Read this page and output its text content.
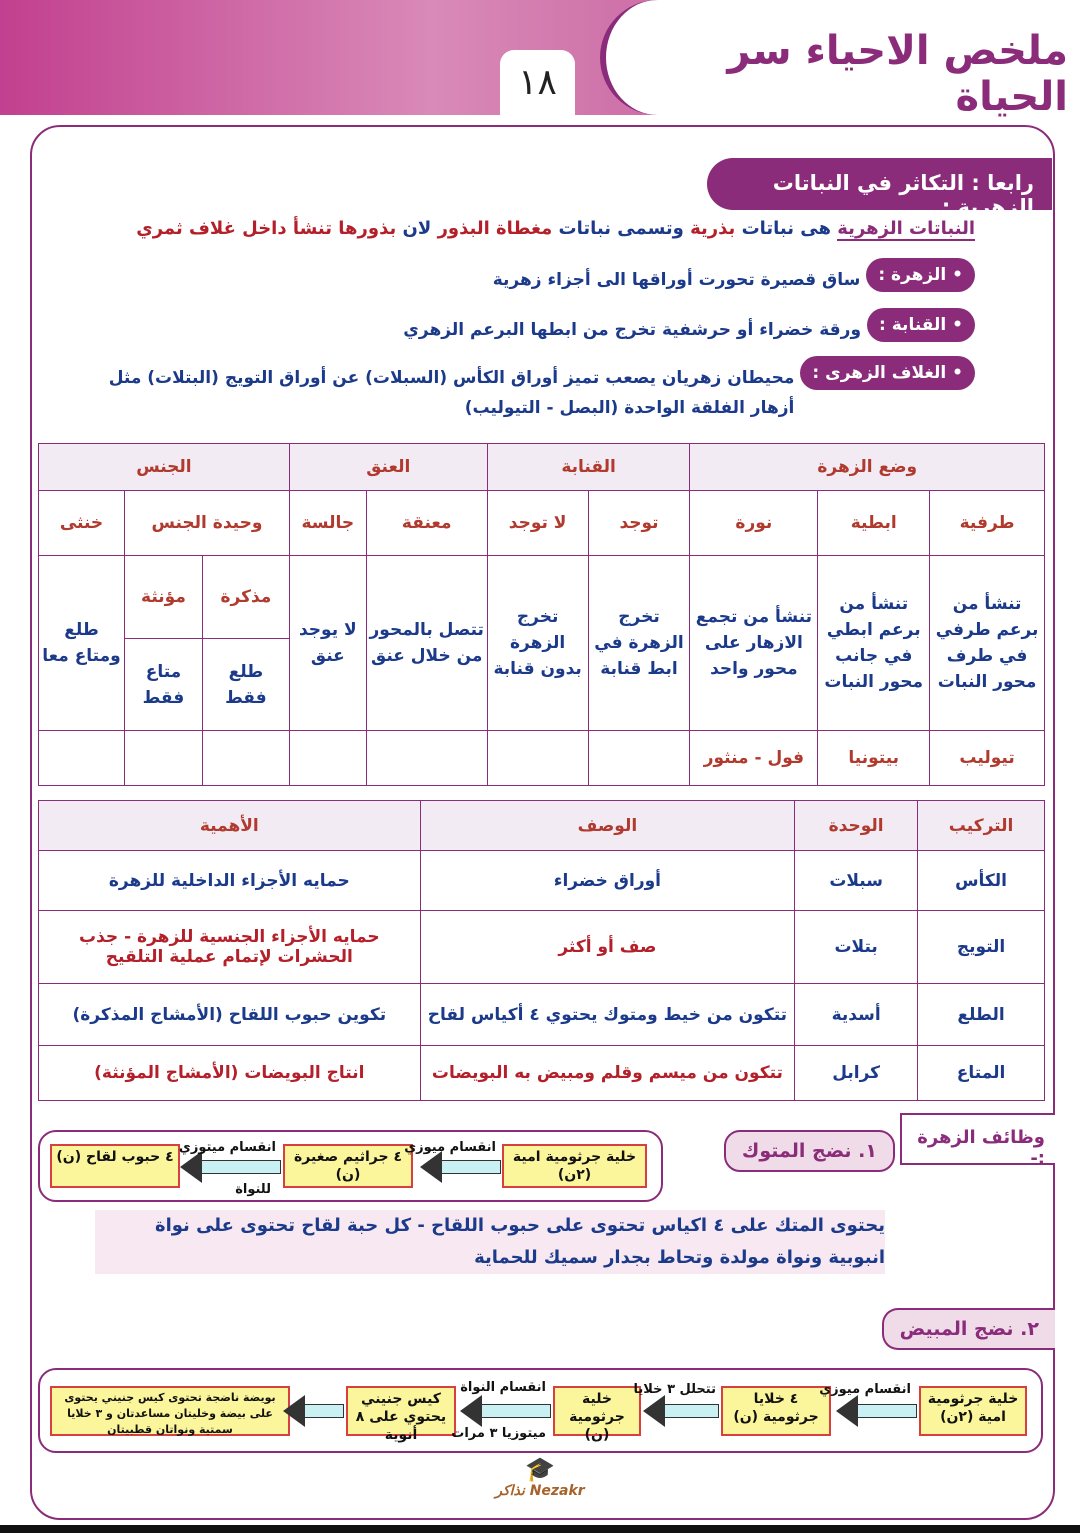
ملخص الاحياء سر الحياة
١٨
رابعا : التكاثر في النباتات الزهرية :
النباتات الزهرية هى نباتات بذرية وتسمى نباتات مغطاة البذور لان بذورها تنشأ داخل غلاف ثمري
• الزهرة :
ساق قصيرة تحورت أوراقها الى أجزاء زهرية
• القنابة :
ورقة خضراء أو حرشفية تخرج من ابطها البرعم الزهري
• الغلاف الزهرى :
محيطان زهريان يصعب تميز أوراق الكأس (السبلات) عن أوراق التويج (البتلات) مثل أزهار الفلقة الواحدة (البصل - التيوليب)
وضع الزهرة			القنابة		العنق		الجنس		
طرفية	ابطية	نورة	توجد	لا توجد	معنقة	جالسة	وحيدة الجنس		خنثى
تنشأ من برعم طرفي في طرف محور النبات	تنشأ من برعم ابطي في جانب محور النبات	تنشأ من تجمع الازهار على محور واحد	تخرج الزهرة في ابط قنابة	تخرج الزهرة بدون قنابة	تتصل بالمحور من خلال عنق	لا يوجد عنق	مذكرة	مؤنثة	طلع ومتاع معا
							طلع فقط	متاع فقط	
تيوليب	بيتونيا	فول - منثور							
التركيب	الوحدة	الوصف	الأهمية
الكأس	سبلات	أوراق خضراء	حمايه الأجزاء الداخلية للزهرة
التويج	بتلات	صف أو أكثر	حمايه الأجزاء الجنسية للزهرة - جذب الحشرات لإتمام عملية التلقيح
الطلع	أسدية	تتكون من خيط ومتوك يحتوي ٤ أكياس لقاح	تكوين حبوب اللقاح (الأمشاج المذكرة)
المتاع	كرابل	تتكون من ميسم وقلم ومبيض به البويضات	انتاج البويضات (الأمشاج المؤنثة)
وظائف الزهرة :-
١. نضج المتوك
خلية جرثومية امية (٢ن)
٤ جراثيم صغيرة (ن)
٤ حبوب لقاح (ن)
انقسام ميوزي
انقسام ميتوزي
للنواة
يحتوى المتك على ٤ اكياس تحتوى على حبوب اللقاح - كل حبة لقاح تحتوى على نواة انبوبية ونواة مولدة وتحاط بجدار سميك للحماية
٢. نضج المبيض
خلية جرثومية امية (٢ن)
٤ خلايا جرثومية (ن)
خلية جرثومية (ن)
كيس جنيني يحتوي على ٨ أنوية
بويضة ناضجة تحتوى كيس جنيني يحتوى على بيضة وخليتان مساعدتان و ٣ خلايا سمتية ونواتان قطبيتان
انقسام ميوزي
تتحلل ٣ خلايا
انقسام النواة
ميتوزيا ٣ مرات
🎓
Nezakr نذاكر
